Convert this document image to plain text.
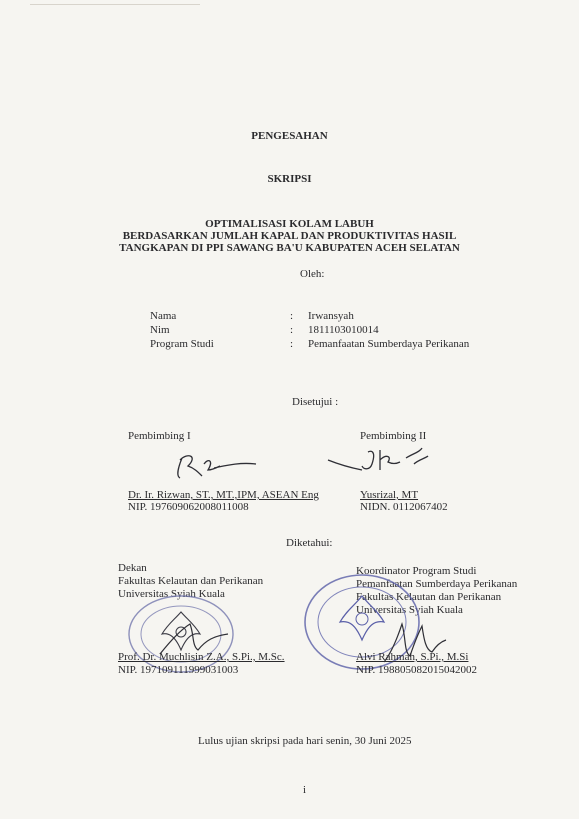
PENGESAHAN
SKRIPSI
OPTIMALISASI KOLAM LABUH
BERDASARKAN JUMLAH KAPAL DAN PRODUKTIVITAS HASIL
TANGKAPAN DI PPI SAWANG BA'U KABUPATEN ACEH SELATAN
Oleh:
Nama	: Irwansyah
Nim	: 1811103010014
Program Studi	: Pemanfaatan Sumberdaya Perikanan
Disetujui :
Pembimbing I	Pembimbing II
Dr. Ir. Rizwan, ST., MT.,IPM, ASEAN Eng
NIP. 197609062008011008
Yusrizal, MT
NIDN. 0112067402
Diketahui:
Dekan
Fakultas Kelautan dan Perikanan
Universitas Syiah Kuala
Prof. Dr. Muchlisin Z.A., S.Pi., M.Sc.
NIP. 197109111999031003
Koordinator Program Studi
Pemanfaatan Sumberdaya Perikanan
Fakultas Kelautan dan Perikanan
Universitas Syiah Kuala
Alvi Rahmah, S.Pi., M.Si
NIP. 198805082015042002
Lulus ujian skripsi pada hari senin, 30 Juni 2025
i
